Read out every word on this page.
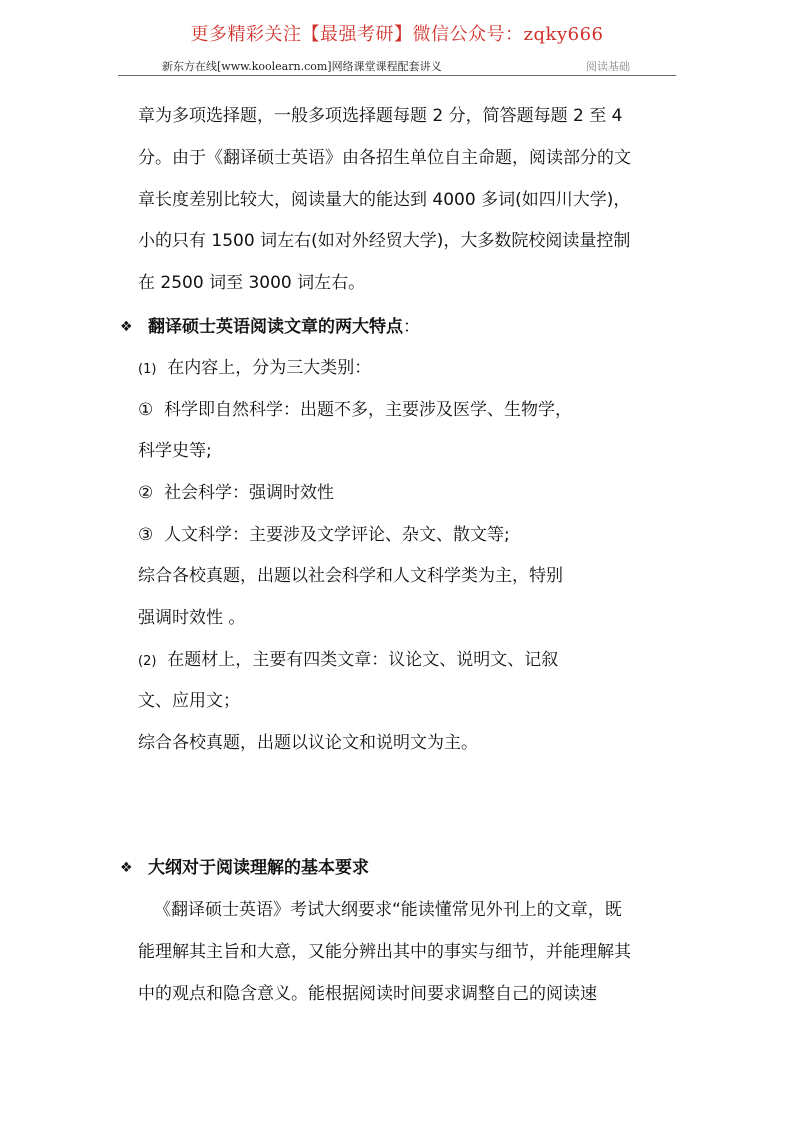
更多精彩关注【最强考研】微信公众号：zqky666
新东方在线[www.koolearn.com]网络课堂课程配套讲义	阅读基础
章为多项选择题，一般多项选择题每题 2 分，简答题每题 2 至 4
分。由于《翻译硕士英语》由各招生单位自主命题，阅读部分的文
章长度差别比较大，阅读量大的能达到 4000 多词(如四川大学)，
小的只有 1500 词左右(如对外经贸大学)，大多数院校阅读量控制
在 2500 词至 3000 词左右。
❖ 翻译硕士英语阅读文章的两大特点：
(1) 在内容上，分为三大类别：
① 科学即自然科学：出题不多，主要涉及医学、生物学，
科学史等;
② 社会科学：强调时效性
③ 人文科学：主要涉及文学评论、杂文、散文等;
综合各校真题，出题以社会科学和人文科学类为主，特别
强调时效性 。
(2) 在题材上，主要有四类文章：议论文、说明文、记叙
文、应用文；
综合各校真题，出题以议论文和说明文为主。
❖ 大纲对于阅读理解的基本要求
《翻译硕士英语》考试大纲要求“能读懂常见外刊上的文章，既
能理解其主旨和大意，又能分辨出其中的事实与细节，并能理解其
中的观点和隐含意义。能根据阅读时间要求调整自己的阅读速
